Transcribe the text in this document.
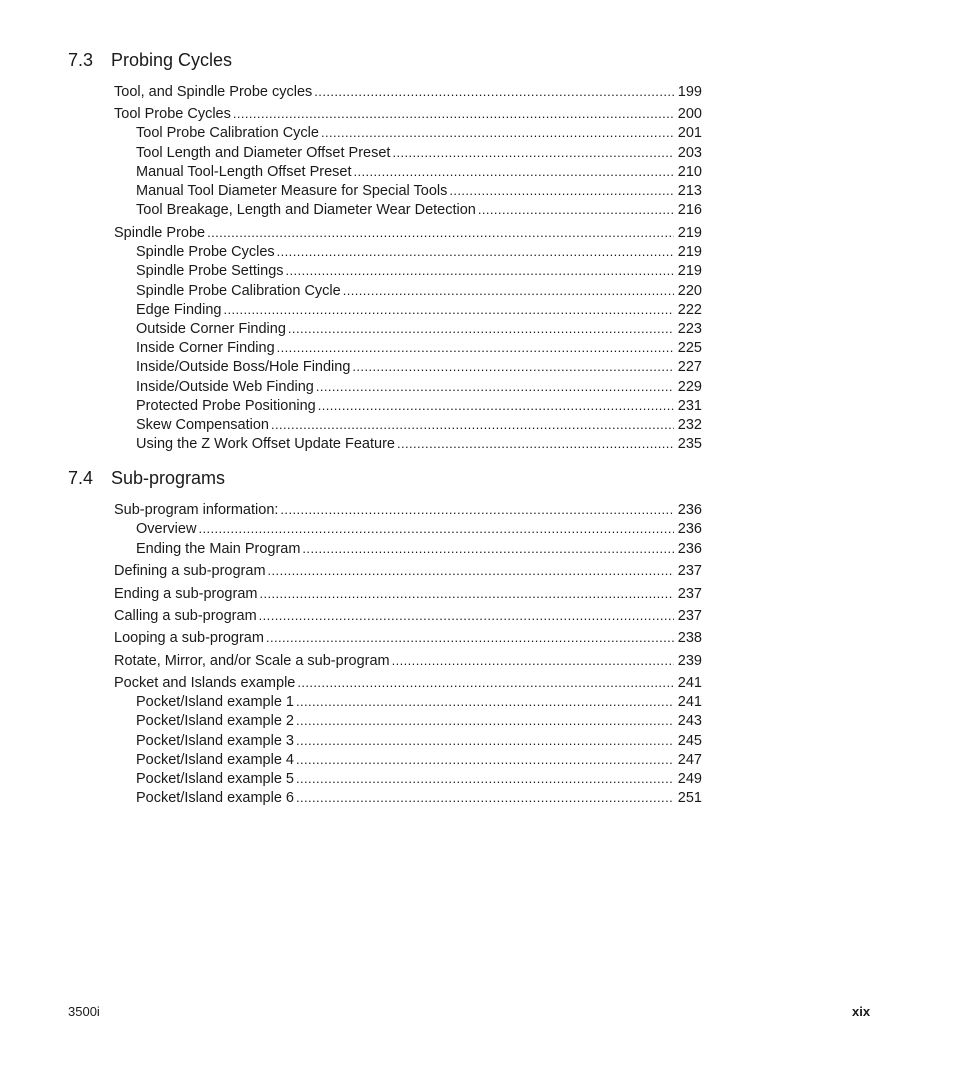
7.3 Probing Cycles
Tool, and Spindle Probe cycles .....	199
Tool Probe Cycles .....	200
Tool Probe Calibration Cycle .....	201
Tool Length and Diameter Offset Preset .....	203
Manual Tool-Length Offset Preset .....	210
Manual Tool Diameter Measure for Special Tools .....	213
Tool Breakage, Length and Diameter Wear Detection .....	216
Spindle Probe .....	219
Spindle Probe Cycles .....	219
Spindle Probe Settings .....	219
Spindle Probe Calibration Cycle .....	220
Edge Finding .....	222
Outside Corner Finding .....	223
Inside Corner Finding .....	225
Inside/Outside Boss/Hole Finding .....	227
Inside/Outside Web Finding .....	229
Protected Probe Positioning .....	231
Skew Compensation .....	232
Using the Z Work Offset Update Feature .....	235
7.4 Sub-programs
Sub-program information: .....	236
Overview .....	236
Ending the Main Program .....	236
Defining a sub-program .....	237
Ending a sub-program .....	237
Calling a sub-program .....	237
Looping a sub-program .....	238
Rotate, Mirror, and/or Scale a sub-program .....	239
Pocket and Islands example .....	241
Pocket/Island example 1 .....	241
Pocket/Island example 2 .....	243
Pocket/Island example 3 .....	245
Pocket/Island example 4 .....	247
Pocket/Island example 5 .....	249
Pocket/Island example 6 .....	251
3500i	xix
